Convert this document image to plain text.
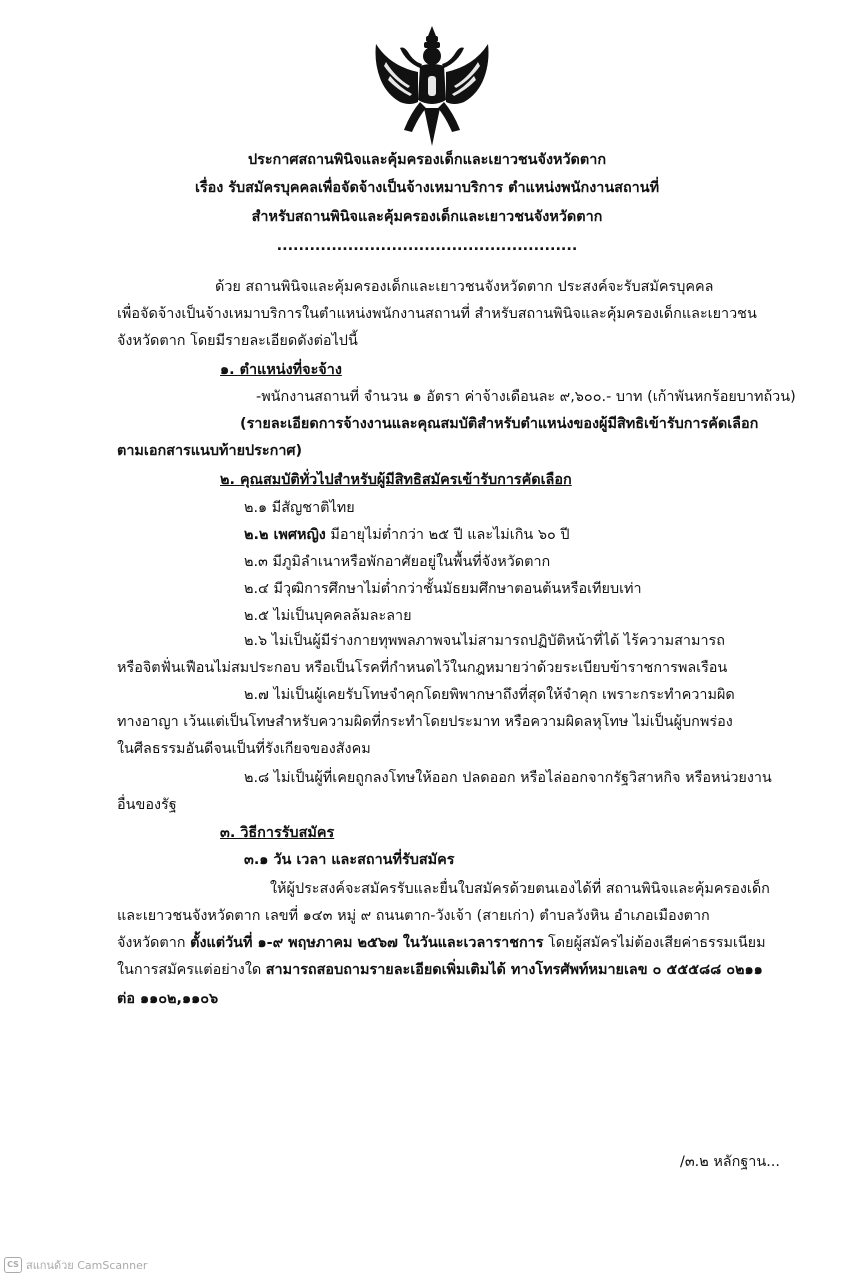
ประกาศสถานพินิจและคุ้มครองเด็กและเยาวชนจังหวัดตาก
เรื่อง รับสมัครบุคคลเพื่อจัดจ้างเป็นจ้างเหมาบริการ ตำแหน่งพนักงานสถานที่
สำหรับสถานพินิจและคุ้มครองเด็กและเยาวชนจังหวัดตาก
.......................................................
ด้วย สถานพินิจและคุ้มครองเด็กและเยาวชนจังหวัดตาก ประสงค์จะรับสมัครบุคคล
เพื่อจัดจ้างเป็นจ้างเหมาบริการในตำแหน่งพนักงานสถานที่ สำหรับสถานพินิจและคุ้มครองเด็กและเยาวชน
จังหวัดตาก โดยมีรายละเอียดดังต่อไปนี้
๑. ตำแหน่งที่จะจ้าง
-พนักงานสถานที่ จำนวน ๑ อัตรา ค่าจ้างเดือนละ ๙,๖๐๐.- บาท (เก้าพันหกร้อยบาทถ้วน)
(รายละเอียดการจ้างงานและคุณสมบัติสำหรับตำแหน่งของผู้มีสิทธิเข้ารับการคัดเลือก
ตามเอกสารแนบท้ายประกาศ)
๒. คุณสมบัติทั่วไปสำหรับผู้มีสิทธิสมัครเข้ารับการคัดเลือก
๒.๑ มีสัญชาติไทย
๒.๒ เพศหญิง มีอายุไม่ต่ำกว่า ๒๕ ปี และไม่เกิน ๖๐ ปี
๒.๓ มีภูมิลำเนาหรือพักอาศัยอยู่ในพื้นที่จังหวัดตาก
๒.๔ มีวุฒิการศึกษาไม่ต่ำกว่าชั้นมัธยมศึกษาตอนต้นหรือเทียบเท่า
๒.๕ ไม่เป็นบุคคลล้มละลาย
๒.๖ ไม่เป็นผู้มีร่างกายทุพพลภาพจนไม่สามารถปฏิบัติหน้าที่ได้ ไร้ความสามารถ
หรือจิตฟั่นเฟือนไม่สมประกอบ หรือเป็นโรคที่กำหนดไว้ในกฎหมายว่าด้วยระเบียบข้าราชการพลเรือน
๒.๗ ไม่เป็นผู้เคยรับโทษจำคุกโดยพิพากษาถึงที่สุดให้จำคุก เพราะกระทำความผิด
ทางอาญา เว้นแต่เป็นโทษสำหรับความผิดที่กระทำโดยประมาท หรือความผิดลหุโทษ ไม่เป็นผู้บกพร่อง
ในศีลธรรมอันดีจนเป็นที่รังเกียจของสังคม
๒.๘ ไม่เป็นผู้ที่เคยถูกลงโทษให้ออก ปลดออก หรือไล่ออกจากรัฐวิสาหกิจ หรือหน่วยงาน
อื่นของรัฐ
๓. วิธีการรับสมัคร
๓.๑ วัน เวลา และสถานที่รับสมัคร
ให้ผู้ประสงค์จะสมัครรับและยื่นใบสมัครด้วยตนเองได้ที่ สถานพินิจและคุ้มครองเด็ก
และเยาวชนจังหวัดตาก เลขที่ ๑๔๓ หมู่ ๙ ถนนตาก-วังเจ้า (สายเก่า) ตำบลวังหิน อำเภอเมืองตาก
จังหวัดตาก ตั้งแต่วันที่ ๑-๙ พฤษภาคม ๒๕๖๗ ในวันและเวลาราชการ โดยผู้สมัครไม่ต้องเสียค่าธรรมเนียม
ในการสมัครแต่อย่างใด สามารถสอบถามรายละเอียดเพิ่มเติมได้ ทางโทรศัพท์หมายเลข ๐ ๕๕๕๘๘ ๐๒๑๑
ต่อ ๑๑๐๒,๑๑๐๖
/๓.๒ หลักฐาน...
CS สแกนด้วย CamScanner
